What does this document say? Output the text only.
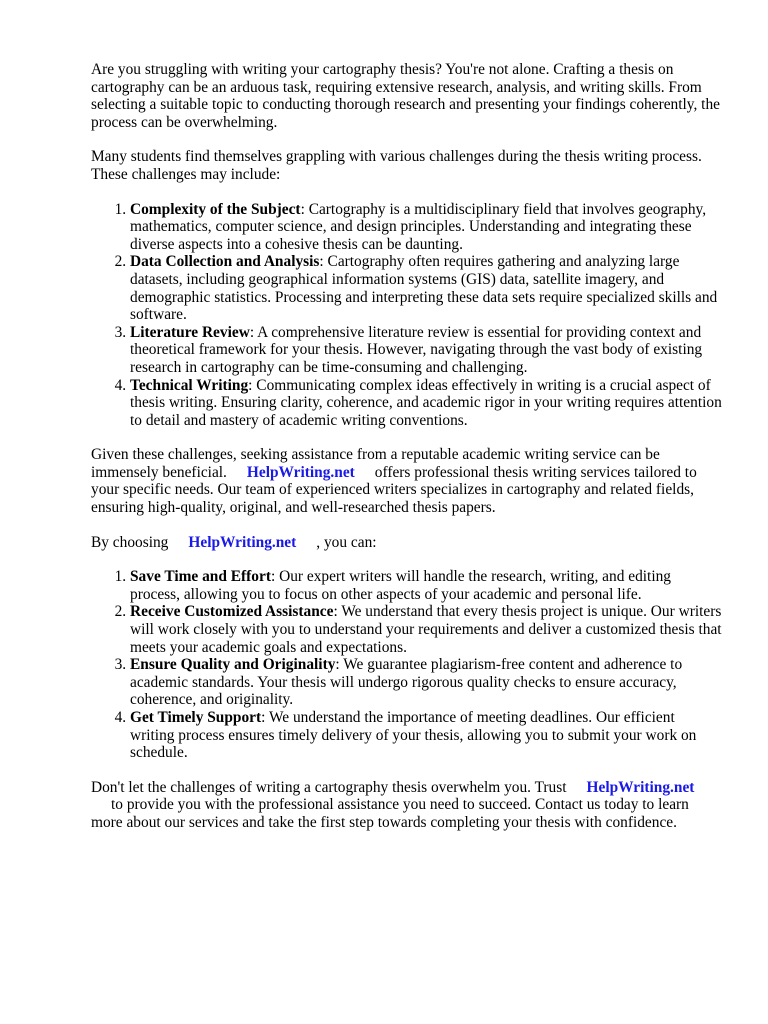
Are you struggling with writing your cartography thesis? You're not alone. Crafting a thesis on cartography can be an arduous task, requiring extensive research, analysis, and writing skills. From selecting a suitable topic to conducting thorough research and presenting your findings coherently, the process can be overwhelming.

Many students find themselves grappling with various challenges during the thesis writing process. These challenges may include:

1. Complexity of the Subject: Cartography is a multidisciplinary field that involves geography, mathematics, computer science, and design principles. Understanding and integrating these diverse aspects into a cohesive thesis can be daunting.
2. Data Collection and Analysis: Cartography often requires gathering and analyzing large datasets, including geographical information systems (GIS) data, satellite imagery, and demographic statistics. Processing and interpreting these data sets require specialized skills and software.
3. Literature Review: A comprehensive literature review is essential for providing context and theoretical framework for your thesis. However, navigating through the vast body of existing research in cartography can be time-consuming and challenging.
4. Technical Writing: Communicating complex ideas effectively in writing is a crucial aspect of thesis writing. Ensuring clarity, coherence, and academic rigor in your writing requires attention to detail and mastery of academic writing conventions.

Given these challenges, seeking assistance from a reputable academic writing service can be immensely beneficial. HelpWriting.net offers professional thesis writing services tailored to your specific needs. Our team of experienced writers specializes in cartography and related fields, ensuring high-quality, original, and well-researched thesis papers.

By choosing HelpWriting.net , you can:

1. Save Time and Effort: Our expert writers will handle the research, writing, and editing process, allowing you to focus on other aspects of your academic and personal life.
2. Receive Customized Assistance: We understand that every thesis project is unique. Our writers will work closely with you to understand your requirements and deliver a customized thesis that meets your academic goals and expectations.
3. Ensure Quality and Originality: We guarantee plagiarism-free content and adherence to academic standards. Your thesis will undergo rigorous quality checks to ensure accuracy, coherence, and originality.
4. Get Timely Support: We understand the importance of meeting deadlines. Our efficient writing process ensures timely delivery of your thesis, allowing you to submit your work on schedule.

Don't let the challenges of writing a cartography thesis overwhelm you. Trust HelpWriting.net
to provide you with the professional assistance you need to succeed. Contact us today to learn more about our services and take the first step towards completing your thesis with confidence.
